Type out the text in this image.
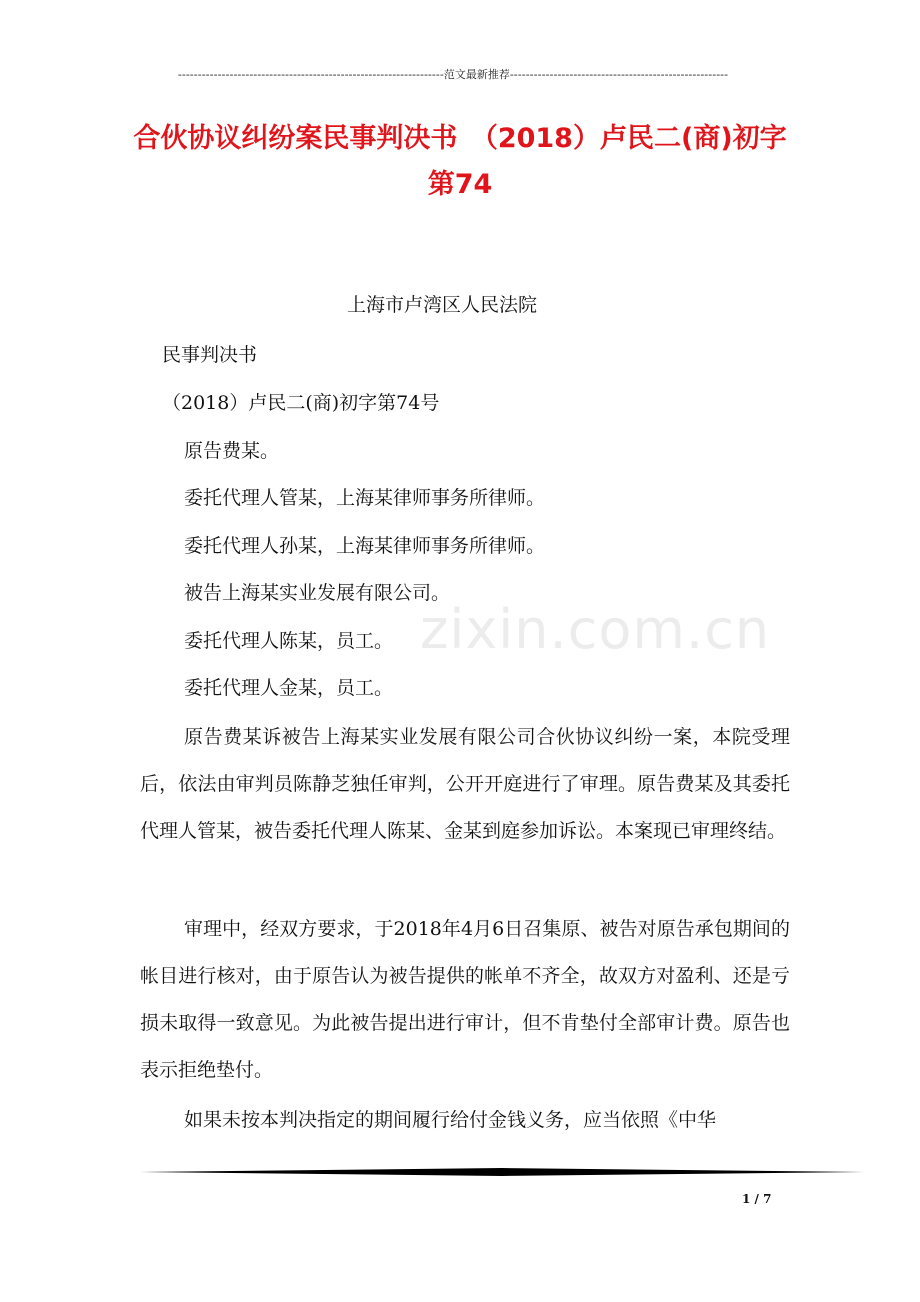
-------------------------------------------------------------------范文最新推荐-------------------------------------------------------
合伙协议纠纷案民事判决书　（2018）卢民二(商)初字第74
zixin.com.cn
上海市卢湾区人民法院
民事判决书
（2018）卢民二(商)初字第74号
原告费某。
委托代理人管某，上海某律师事务所律师。
委托代理人孙某，上海某律师事务所律师。
被告上海某实业发展有限公司。
委托代理人陈某，员工。
委托代理人金某，员工。
原告费某诉被告上海某实业发展有限公司合伙协议纠纷一案，本院受理后，依法由审判员陈静芝独任审判，公开开庭进行了审理。原告费某及其委托代理人管某，被告委托代理人陈某、金某到庭参加诉讼。本案现已审理终结。
审理中，经双方要求，于2018年4月6日召集原、被告对原告承包期间的帐目进行核对，由于原告认为被告提供的帐单不齐全，故双方对盈利、还是亏损未取得一致意见。为此被告提出进行审计，但不肯垫付全部审计费。原告也表示拒绝垫付。
如果未按本判决指定的期间履行给付金钱义务，应当依照《中华
1 / 7
